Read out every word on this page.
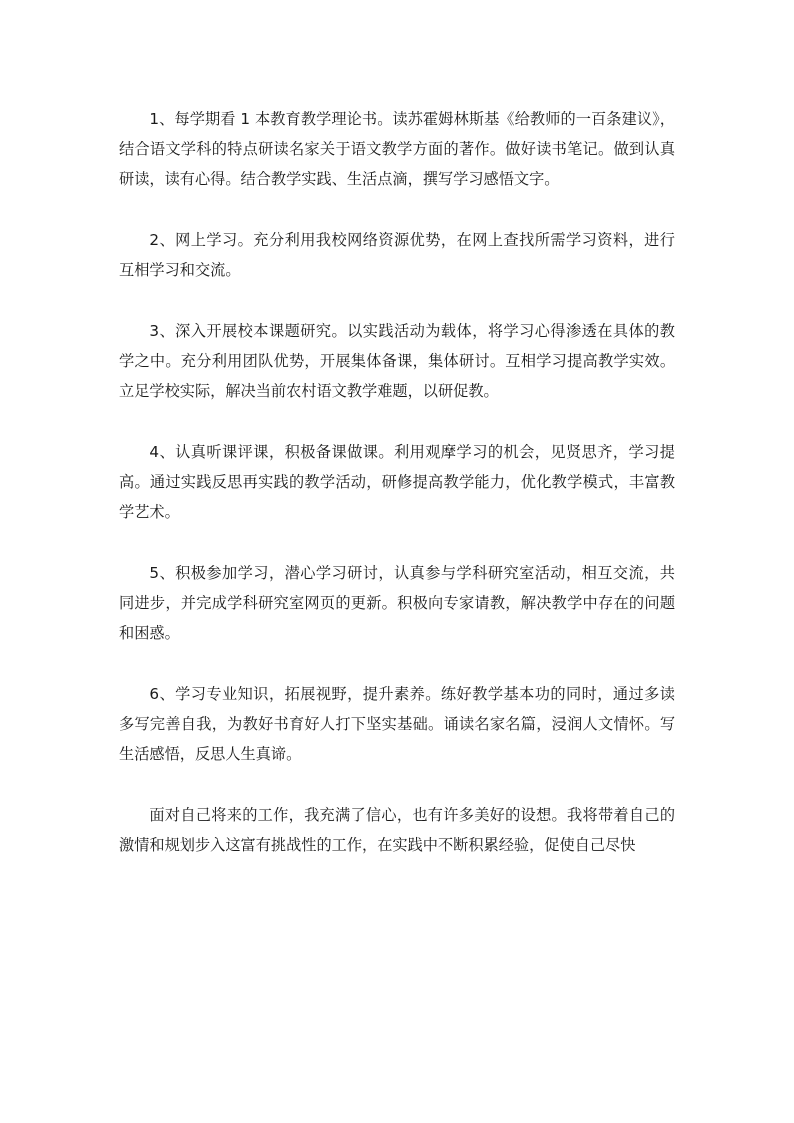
1、每学期看 1 本教育教学理论书。读苏霍姆林斯基《给教师的一百条建议》，结合语文学科的特点研读名家关于语文教学方面的著作。做好读书笔记。做到认真研读，读有心得。结合教学实践、生活点滴，撰写学习感悟文字。

2、网上学习。充分利用我校网络资源优势，在网上查找所需学习资料，进行互相学习和交流。

3、深入开展校本课题研究。以实践活动为载体，将学习心得渗透在具体的教学之中。充分利用团队优势，开展集体备课，集体研讨。互相学习提高教学实效。立足学校实际，解决当前农村语文教学难题，以研促教。

4、认真听课评课，积极备课做课。利用观摩学习的机会，见贤思齐，学习提高。通过实践反思再实践的教学活动，研修提高教学能力，优化教学模式，丰富教学艺术。

5、积极参加学习，潜心学习研讨，认真参与学科研究室活动，相互交流，共同进步，并完成学科研究室网页的更新。积极向专家请教，解决教学中存在的问题和困惑。

6、学习专业知识，拓展视野，提升素养。练好教学基本功的同时，通过多读多写完善自我，为教好书育好人打下坚实基础。诵读名家名篇，浸润人文情怀。写生活感悟，反思人生真谛。

面对自己将来的工作，我充满了信心，也有许多美好的设想。我将带着自己的激情和规划步入这富有挑战性的工作，在实践中不断积累经验，促使自己尽快
